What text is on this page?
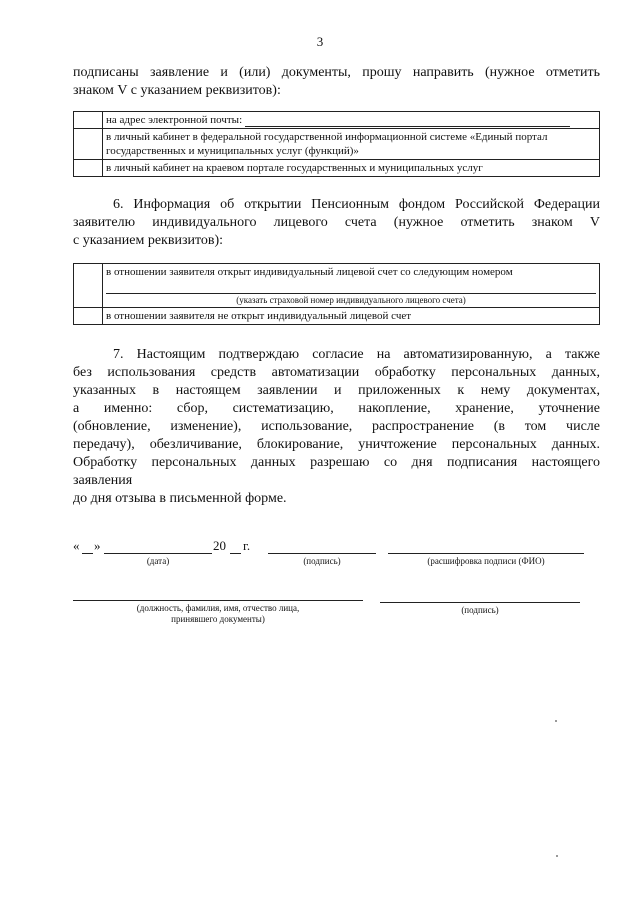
3

подписаны заявление и (или) документы, прошу направить (нужное отметить
знаком V с указанием реквизитов):

	на адрес электронной почты:
	в личный кабинет в федеральной государственной информационной системе «Единый портал государственных и муниципальных услуг (функций)»
	в личный кабинет на краевом портале государственных и муниципальных услуг

6. Информация об открытии Пенсионным фондом Российской Федерации
заявителю индивидуального лицевого счета (нужное отметить знаком V
с указанием реквизитов):

	в отношении заявителя открыт индивидуальный лицевой счет со следующим номером
(указать страховой номер индивидуального лицевого счета)

	в отношении заявителя не открыт индивидуальный лицевой счет

7. Настоящим подтверждаю согласие на автоматизированную, а также
без использования средств автоматизации обработку персональных данных,
указанных в настоящем заявлении и приложенных к нему документах,
а именно: сбор, систематизацию, накопление, хранение, уточнение
(обновление, изменение), использование, распространение (в том числе
передачу), обезличивание, блокирование, уничтожение персональных данных.
Обработку персональных данных разрешаю со дня подписания настоящего
заявления
до дня отзыва в письменной форме.

« »	20 г.
(дата)	(подпись)	(расшифровка подписи (ФИО)
(должность, фамилия, имя, отчество лица,
принявшего документы)
(подпись)
